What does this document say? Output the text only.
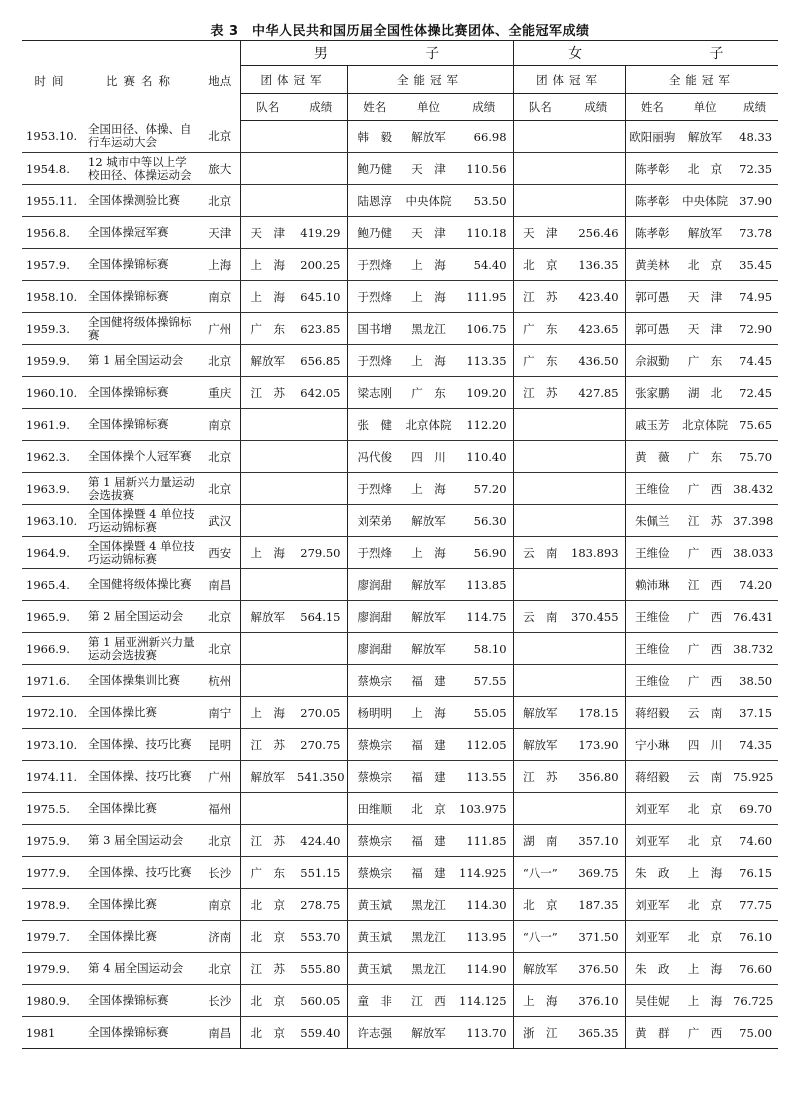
表 3　中华人民共和国历届全国性体操比赛团体、全能冠军成绩
时间	比赛名称	地点	男 子					女 子				
			团体冠军		全能冠军			团体冠军		全能冠军		
			队名	成绩	姓名	单位	成绩	队名	成绩	姓名	单位	成绩
1953.10.	全国田径、体操、自行车运动大会	北京			韩　毅	解放军	66.98			欧阳丽驹	解放军	48.33
1954.8.	12 城市中等以上学校田径、体操运动会	旅大			鲍乃健	天　津	110.56			陈孝彰	北　京	72.35
1955.11.	全国体操测验比赛	北京			陆恩淳	中央体院	53.50			陈孝彰	中央体院	37.90
1956.8.	全国体操冠军赛	天津	天　津	419.29	鲍乃健	天　津	110.18	天　津	256.46	陈孝彰	解放军	73.78
1957.9.	全国体操锦标赛	上海	上　海	200.25	于烈烽	上　海	54.40	北　京	136.35	黄美林	北　京	35.45
1958.10.	全国体操锦标赛	南京	上　海	645.10	于烈烽	上　海	111.95	江　苏	423.40	郭可愚	天　津	74.95
1959.3.	全国健将级体操锦标赛	广州	广　东	623.85	国书增	黑龙江	106.75	广　东	423.65	郭可愚	天　津	72.90
1959.9.	第 1 届全国运动会	北京	解放军	656.85	于烈烽	上　海	113.35	广　东	436.50	佘淑勤	广　东	74.45
1960.10.	全国体操锦标赛	重庆	江　苏	642.05	梁志刚	广　东	109.20	江　苏	427.85	张家鹏	湖　北	72.45
1961.9.	全国体操锦标赛	南京			张　健	北京体院	112.20			戚玉芳	北京体院	75.65
1962.3.	全国体操个人冠军赛	北京			冯代俊	四　川	110.40			黄　薇	广　东	75.70
1963.9.	第 1 届新兴力量运动会选拔赛	北京			于烈烽	上　海	57.20			王维俭	广　西	38.432
1963.10.	全国体操暨 4 单位技巧运动锦标赛	武汉			刘荣弟	解放军	56.30			朱佩兰	江　苏	37.398
1964.9.	全国体操暨 4 单位技巧运动锦标赛	西安	上　海	279.50	于烈烽	上　海	56.90	云　南	183.893	王维俭	广　西	38.033
1965.4.	全国健将级体操比赛	南昌			廖润甜	解放军	113.85			赖沛琳	江　西	74.20
1965.9.	第 2 届全国运动会	北京	解放军	564.15	廖润甜	解放军	114.75	云　南	370.455	王维俭	广　西	76.431
1966.9.	第 1 届亚洲新兴力量运动会选拔赛	北京			廖润甜	解放军	58.10			王维俭	广　西	38.732
1971.6.	全国体操集训比赛	杭州			蔡焕宗	福　建	57.55			王维俭	广　西	38.50
1972.10.	全国体操比赛	南宁	上　海	270.05	杨明明	上　海	55.05	解放军	178.15	蒋绍毅	云　南	37.15
1973.10.	全国体操、技巧比赛	昆明	江　苏	270.75	蔡焕宗	福　建	112.05	解放军	173.90	宁小琳	四　川	74.35
1974.11.	全国体操、技巧比赛	广州	解放军	541.350	蔡焕宗	福　建	113.55	江　苏	356.80	蒋绍毅	云　南	75.925
1975.5.	全国体操比赛	福州			田维顺	北　京	103.975			刘亚军	北　京	69.70
1975.9.	第 3 届全国运动会	北京	江　苏	424.40	蔡焕宗	福　建	111.85	湖　南	357.10	刘亚军	北　京	74.60
1977.9.	全国体操、技巧比赛	长沙	广　东	551.15	蔡焕宗	福　建	114.925	“八一”	369.75	朱　政	上　海	76.15
1978.9.	全国体操比赛	南京	北　京	278.75	黄玉斌	黑龙江	114.30	北　京	187.35	刘亚军	北　京	77.75
1979.7.	全国体操比赛	济南	北　京	553.70	黄玉斌	黑龙江	113.95	“八一”	371.50	刘亚军	北　京	76.10
1979.9.	第 4 届全国运动会	北京	江　苏	555.80	黄玉斌	黑龙江	114.90	解放军	376.50	朱　政	上　海	76.60
1980.9.	全国体操锦标赛	长沙	北　京	560.05	童　非	江　西	114.125	上　海	376.10	吴佳妮	上　海	76.725
1981	全国体操锦标赛	南昌	北　京	559.40	许志强	解放军	113.70	浙　江	365.35	黄　群	广　西	75.00
